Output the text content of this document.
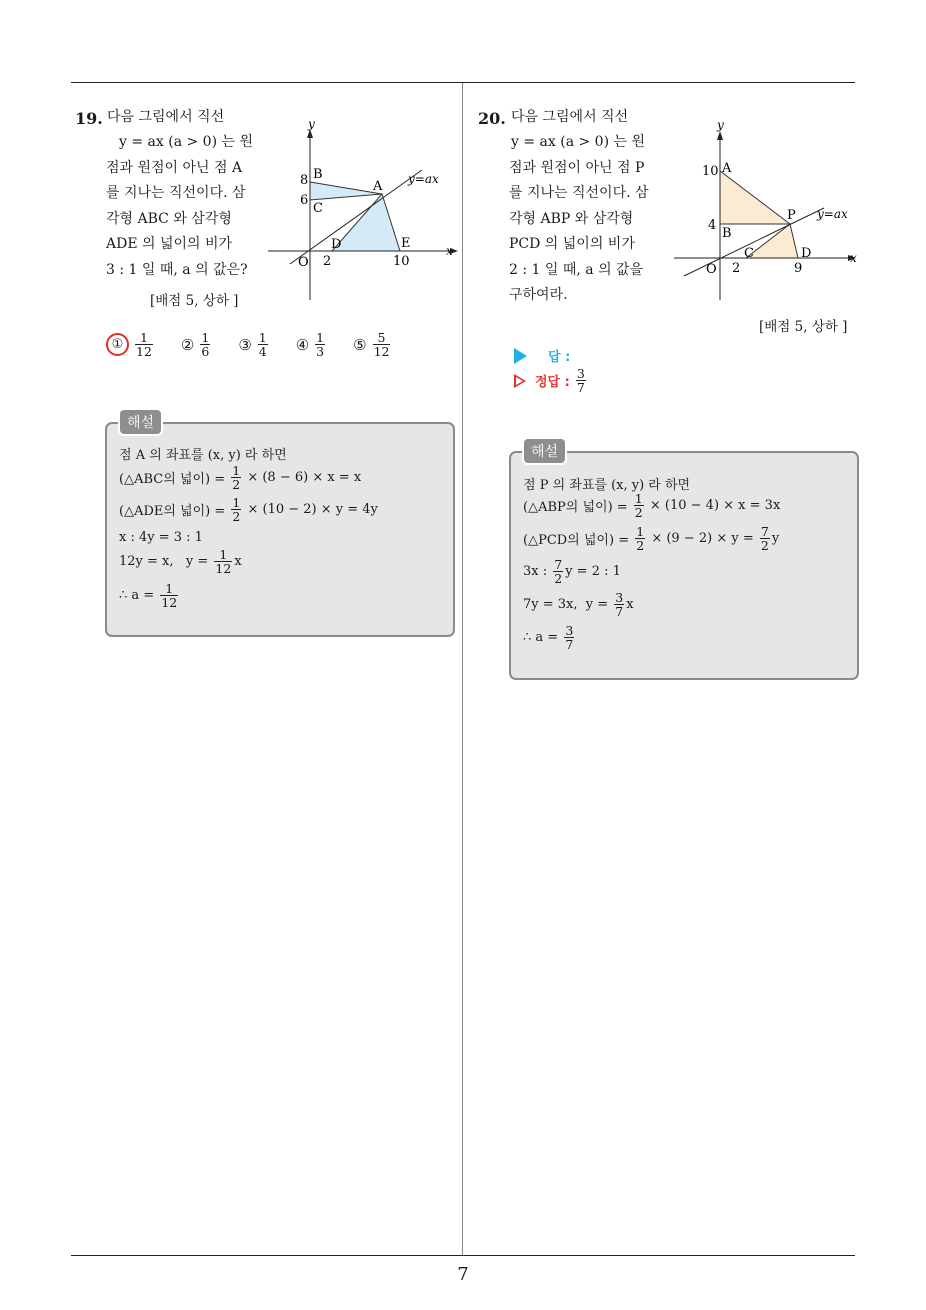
19. 다음 그림에서 직선
y = ax (a > 0) 는 원
점과 원점이 아닌 점 A
를 지나는 직선이다. 삼
각형 ABC 와 삼각형
ADE 의 넓이의 비가
3 : 1 일 때, a 의 값은?
[배점 5, 상하 ]
y
x
O
y=ax
B
C
A
D	E
8
6
2	10
① $\frac{1}{12}$ ② $\frac{1}{6}$ ③ $\frac{1}{4}$ ④ $\frac{1}{3}$ ⑤ $\frac{5}{12}$
해설
점 A 의 좌표를 (x, y) 라 하면
(△ABC의 넓이) = $\frac{1}{2} \times (8 - 6) \times x = x$
(△ADE의 넓이) = $\frac{1}{2} \times (10 - 2) \times y = 4y$
x : 4y = 3 : 1
12y = x,   $y = \frac{1}{12}$ x
∴ $a = \frac{1}{12}$
20. 다음 그림에서 직선
y = ax (a > 0) 는 원
점과 원점이 아닌 점 P
를 지나는 직선이다. 삼
각형 ABP 와 삼각형
PCD 의 넓이의 비가
2 : 1 일 때, a 의 값을
구하여라.
[배점 5, 상하 ]
y
x
O
y=ax
A
B
P
C	D
10
4
2	9
답 :
정답 : $\frac{3}{7}$
해설
점 P 의 좌표를 (x, y) 라 하면
(△ABP의 넓이) = $\frac{1}{2} \times (10 - 4) \times x = 3x$
(△PCD의 넓이) = $\frac{1}{2} \times (9 - 2) \times y = \frac{7}{2}$ y
3x : $\frac{7}{2}$ y = 2 : 1
7y = 3x,  $y = \frac{3}{7}$ x
∴ $a = \frac{3}{7}$
7
